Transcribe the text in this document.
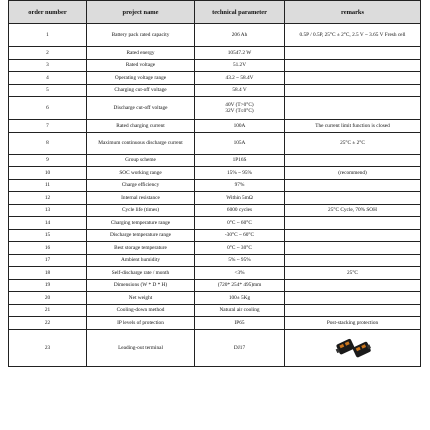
order number	project name	technical parameter	remarks
1	Battery pack rated capacity	206 Ah	0.5P / 0.5P, 25°C ± 2°C, 2.5 V ~ 3.65 V Fresh cell
2	Rated energy	10547.2 W	
3	Rated voltage	51.2V	
4	Operating voltage range	43.2 ~ 58.4V	
5	Charging cut-off voltage	58.4 V	
6	Discharge cut-off voltage	40V (T>0°C)
32V (T≤0°C)	

7	Rated charging current	100A	The current limit function is closed
8	Maximum continuous discharge current	105A	25°C ± 2°C
9	Group scheme	1P16S	
10	SOC working range	15% ~ 95%	(recommend)
11	Charge efficiency	97%	
12	Internal resistance	Within 5mΩ	
13	Cycle life (times)	6000 cycles	25°C Cycle, 70% SOH
14	Charging temperature range	0°C ~ 60°C	
15	Discharge temperature range	-30°C ~ 60°C	
16	Best storage temperature	0°C ~ 30°C	
17	Ambient humidity	5% ~ 95%	
18	Self-discharge rate / month	<3%	25°C
19	Dimensions (W * D * H)	(720* 254* 495)mm	
20	Net weight	100± 5Kg	
21	Cooling-down method	Natural air cooling	
22	IP levels of protection	IP65	Post-stacking protection
23	Leading-out terminal	DJ17	
